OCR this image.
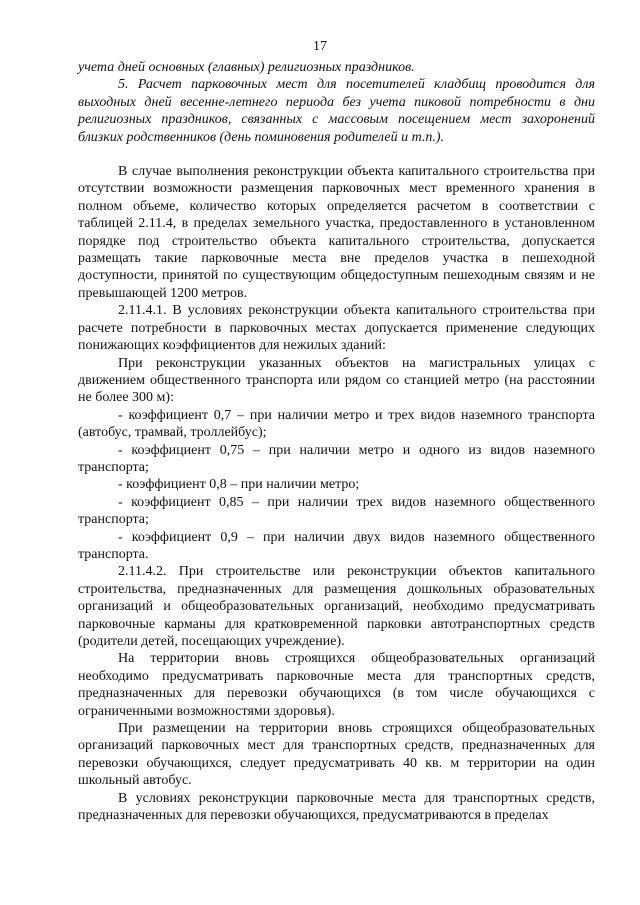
17

учета дней основных (главных) религиозных праздников.

5. Расчет парковочных мест для посетителей кладбищ проводится для выходных дней весенне-летнего периода без учета пиковой потребности в дни религиозных праздников, связанных с массовым посещением мест захоронений близких родственников (день поминовения родителей и т.п.).

В случае выполнения реконструкции объекта капитального строительства при отсутствии возможности размещения парковочных мест временного хранения в полном объеме, количество которых определяется расчетом в соответствии с таблицей 2.11.4, в пределах земельного участка, предоставленного в установленном порядке под строительство объекта капитального строительства, допускается размещать такие парковочные места вне пределов участка в пешеходной доступности, принятой по существующим общедоступным пешеходным связям и не превышающей 1200 метров.

2.11.4.1. В условиях реконструкции объекта капитального строительства при расчете потребности в парковочных местах допускается применение следующих понижающих коэффициентов для нежилых зданий:

При реконструкции указанных объектов на магистральных улицах с движением общественного транспорта или рядом со станцией метро (на расстоянии не более 300 м):

- коэффициент 0,7 – при наличии метро и трех видов наземного транспорта (автобус, трамвай, троллейбус);

- коэффициент 0,75 – при наличии метро и одного из видов наземного транспорта;

- коэффициент 0,8 – при наличии метро;

- коэффициент 0,85 – при наличии трех видов наземного общественного транспорта;

- коэффициент 0,9 – при наличии двух видов наземного общественного транспорта.

2.11.4.2. При строительстве или реконструкции объектов капитального строительства, предназначенных для размещения дошкольных образовательных организаций и общеобразовательных организаций, необходимо предусматривать парковочные карманы для кратковременной парковки автотранспортных средств (родители детей, посещающих учреждение).

На территории вновь строящихся общеобразовательных организаций необходимо предусматривать парковочные места для транспортных средств, предназначенных для перевозки обучающихся (в том числе обучающихся с ограниченными возможностями здоровья).

При размещении на территории вновь строящихся общеобразовательных организаций парковочных мест для транспортных средств, предназначенных для перевозки обучающихся, следует предусматривать 40 кв. м территории на один школьный автобус.

В условиях реконструкции парковочные места для транспортных средств, предназначенных для перевозки обучающихся, предусматриваются в пределах
